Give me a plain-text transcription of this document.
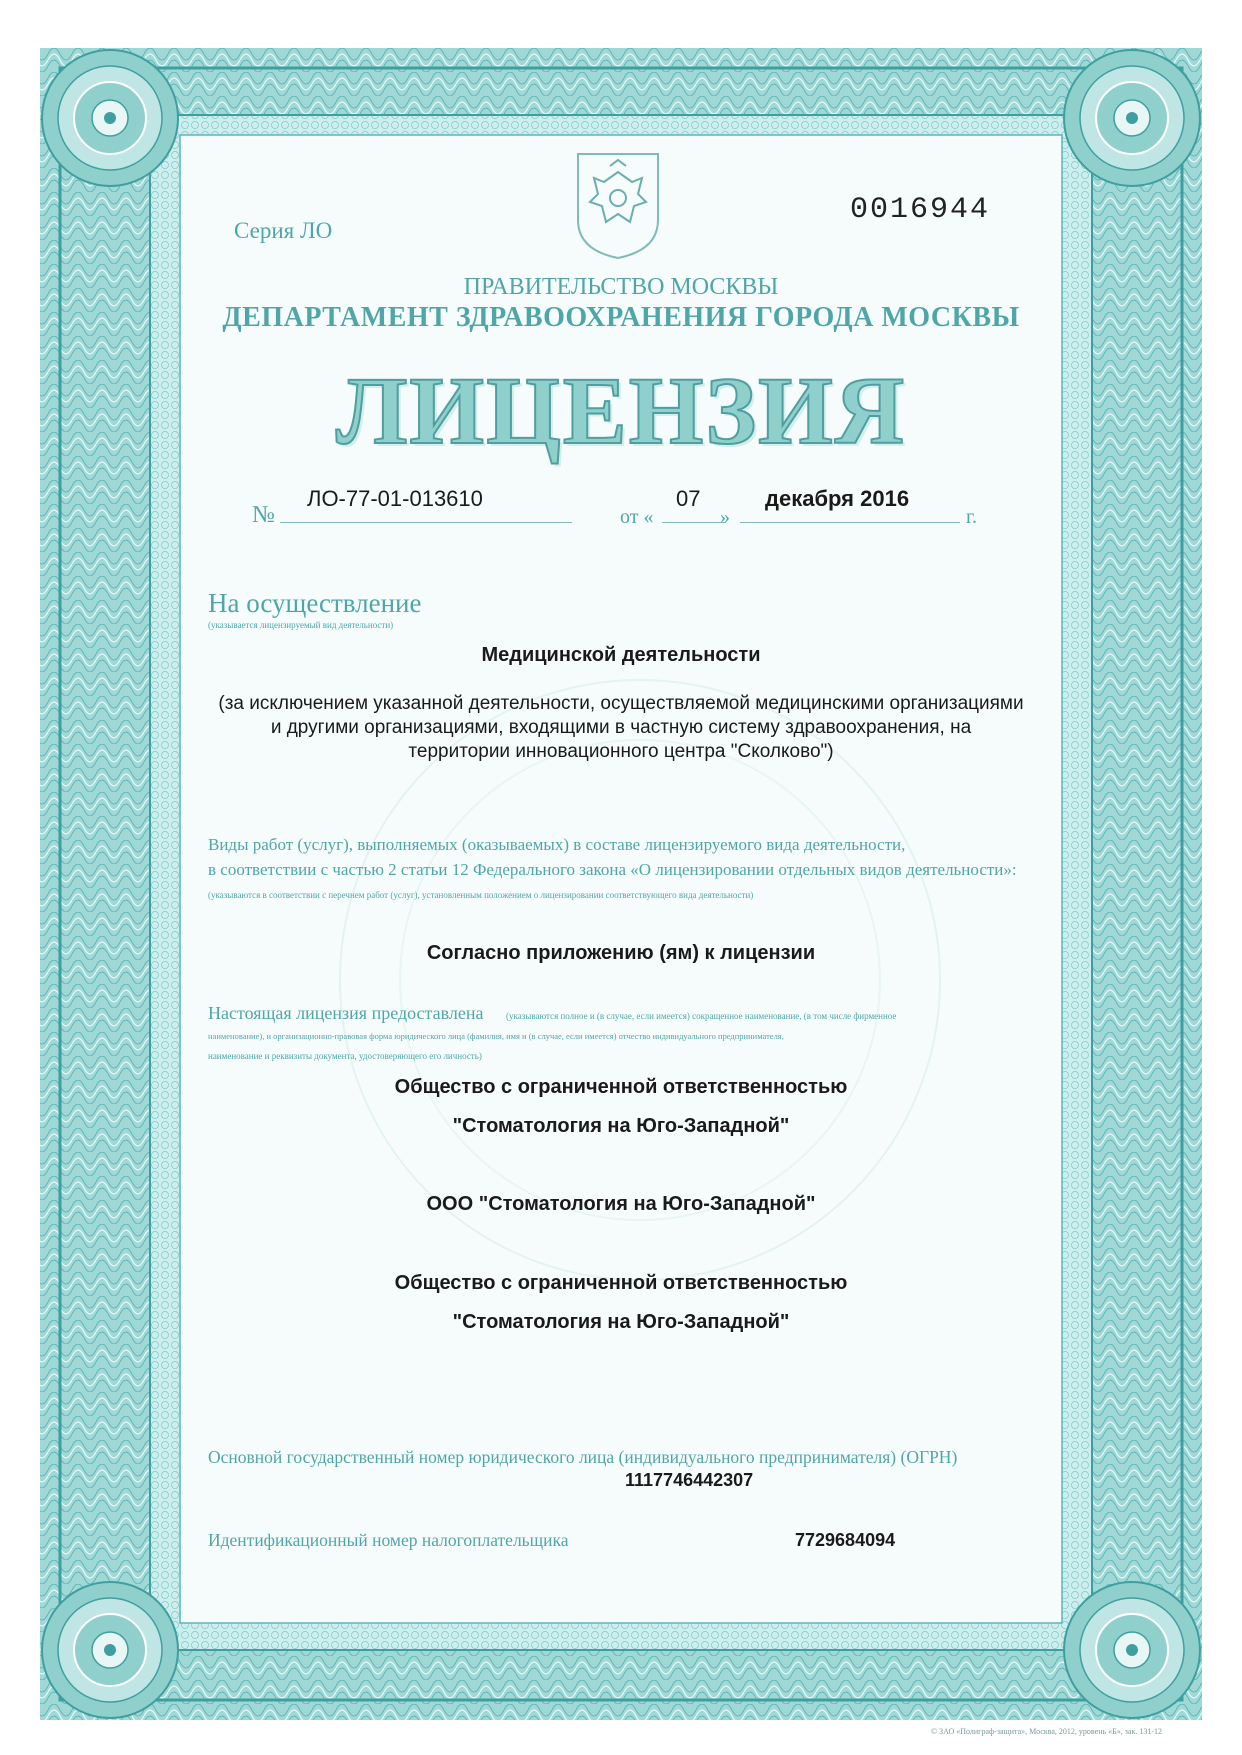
Серия ЛО
0016944
ПРАВИТЕЛЬСТВО МОСКВЫ
ДЕПАРТАМЕНТ ЗДРАВООХРАНЕНИЯ ГОРОДА МОСКВЫ
ЛИЦЕНЗИЯ
№
ЛО-77-01-013610
от «
07
»
декабря 2016
г.
На осуществление
(указывается лицензируемый вид деятельности)
Медицинской деятельности
(за исключением указанной деятельности, осуществляемой медицинскими организациями
и другими организациями, входящими в частную систему здравоохранения, на
территории инновационного центра "Сколково")
Виды работ (услуг), выполняемых (оказываемых) в составе лицензируемого вида деятельности,
в соответствии с частью 2 статьи 12 Федерального закона «О лицензировании отдельных видов деятельности»:
(указываются в соответствии с перечнем работ (услуг), установленным положением о лицензировании соответствующего вида деятельности)
Согласно приложению (ям) к лицензии
Настоящая лицензия предоставлена	(указываются полное и (в случае, если имеется) сокращенное наименование, (в том числе фирменное
наименование), и организационно-правовая форма юридического лица (фамилия, имя и (в случае, если имеется) отчество индивидуального предпринимателя,
наименование и реквизиты документа, удостоверяющего его личность)
Общество с ограниченной ответственностью
"Стоматология на Юго-Западной"
ООО "Стоматология на Юго-Западной"
Общество с ограниченной ответственностью
"Стоматология на Юго-Западной"
Основной государственный номер юридического лица (индивидуального предпринимателя) (ОГРН)
1117746442307
Идентификационный номер налогоплательщика	7729684094
© ЗАО «Полиграф-защита», Москва, 2012, уровень «Б», зак. 131-12
